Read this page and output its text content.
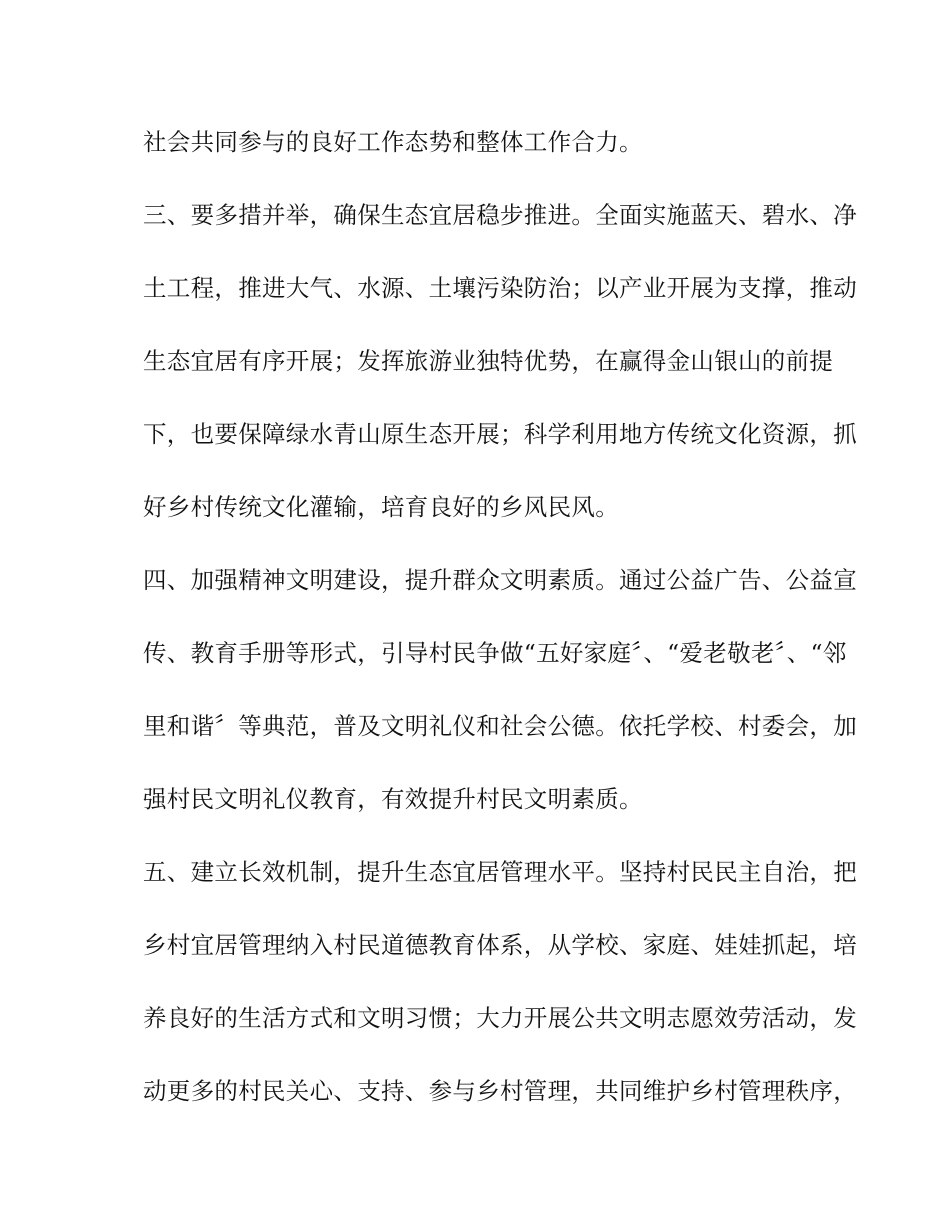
社会共同参与的良好工作态势和整体工作合力。
三、要多措并举，确保生态宜居稳步推进。全面实施蓝天、碧水、净
土工程，推进大气、水源、土壤污染防治；以产业开展为支撑，推动
生态宜居有序开展；发挥旅游业独特优势，在赢得金山银山的前提
下，也要保障绿水青山原生态开展；科学利用地方传统文化资源，抓
好乡村传统文化灌输，培育良好的乡风民风。
四、加强精神文明建设，提升群众文明素质。通过公益广告、公益宣
传、教育手册等形式，引导村民争做“五好家庭〞、“爱老敬老〞、“邻
里和谐〞等典范，普及文明礼仪和社会公德。依托学校、村委会，加
强村民文明礼仪教育，有效提升村民文明素质。
五、建立长效机制，提升生态宜居管理水平。坚持村民民主自治，把
乡村宜居管理纳入村民道德教育体系，从学校、家庭、娃娃抓起，培
养良好的生活方式和文明习惯；大力开展公共文明志愿效劳活动，发
动更多的村民关心、支持、参与乡村管理，共同维护乡村管理秩序，
